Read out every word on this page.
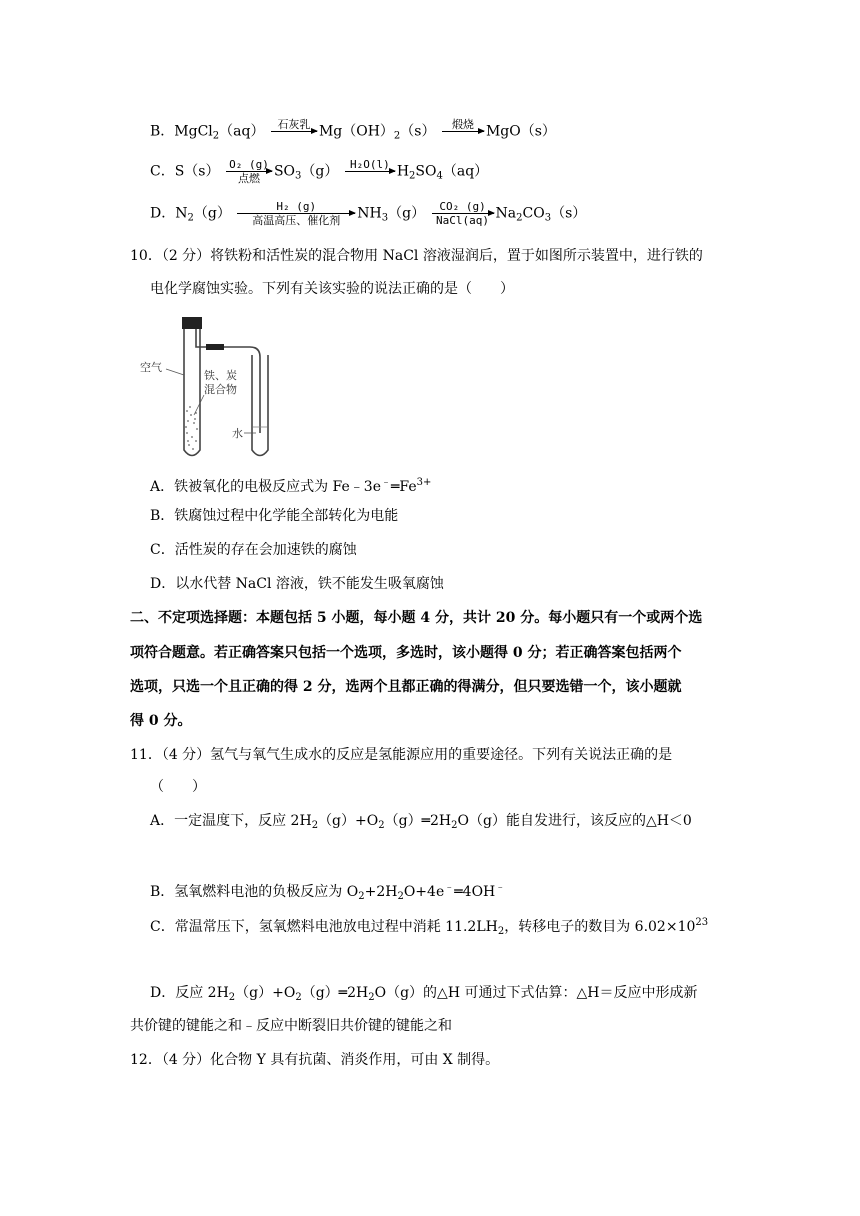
B．MgCl$_2$（aq）	石灰乳
$Mg(OH)_2(s)$	煅烧
MgO（s）
C．S（s） O₂ (g)
点燃	$SO_3(g)$	H₂O(l)
$H_2SO_4(aq)$
D．$N_2(g)$	H₂ (g)
高温高压、催化剂	$NH_3(g)$	CO₂ (g)
NaCl(aq) $Na_2CO_3(s)$
10．（2 分）将铁粉和活性炭的混合物用 NaCl 溶液湿润后，置于如图所示装置中，进行铁的
电化学腐蚀实验。下列有关该实验的说法正确的是（　　）
空气
铁、炭
混合物
水
A．铁被氧化的电极反应式为 $Fe﹣3e^﹣═Fe^{3+}$
B．铁腐蚀过程中化学能全部转化为电能
C．活性炭的存在会加速铁的腐蚀
D．以水代替 NaCl 溶液，铁不能发生吸氧腐蚀
二、不定项选择题：本题包括 5 小题，每小题 4 分，共计 20 分。每小题只有一个或两个选
项符合题意。若正确答案只包括一个选项，多选时，该小题得 0 分；若正确答案包括两个
选项，只选一个且正确的得 2 分，选两个且都正确的得满分，但只要选错一个，该小题就
得 0 分。
11．（4 分）氢气与氧气生成水的反应是氢能源应用的重要途径。下列有关说法正确的是
（　　）
A．一定温度下，反应 $2H_2(g)+O_2(g)═2H_2O(g)$能自发进行，该反应的△H＜0
B．氢氧燃料电池的负极反应为 $O_2+2H_2O+4e^﹣═4OH^﹣$
C．常温常压下，氢氧燃料电池放电过程中消耗 $11.2LH_2$，转移电子的数目为 $6.02\times 10^{23}$
D．反应 $2H_2(g)+O_2(g)═2H_2O(g)$的△H 可通过下式估算：△H＝反应中形成新
共价键的键能之和﹣反应中断裂旧共价键的键能之和
12．（4 分）化合物 Y 具有抗菌、消炎作用，可由 X 制得。
